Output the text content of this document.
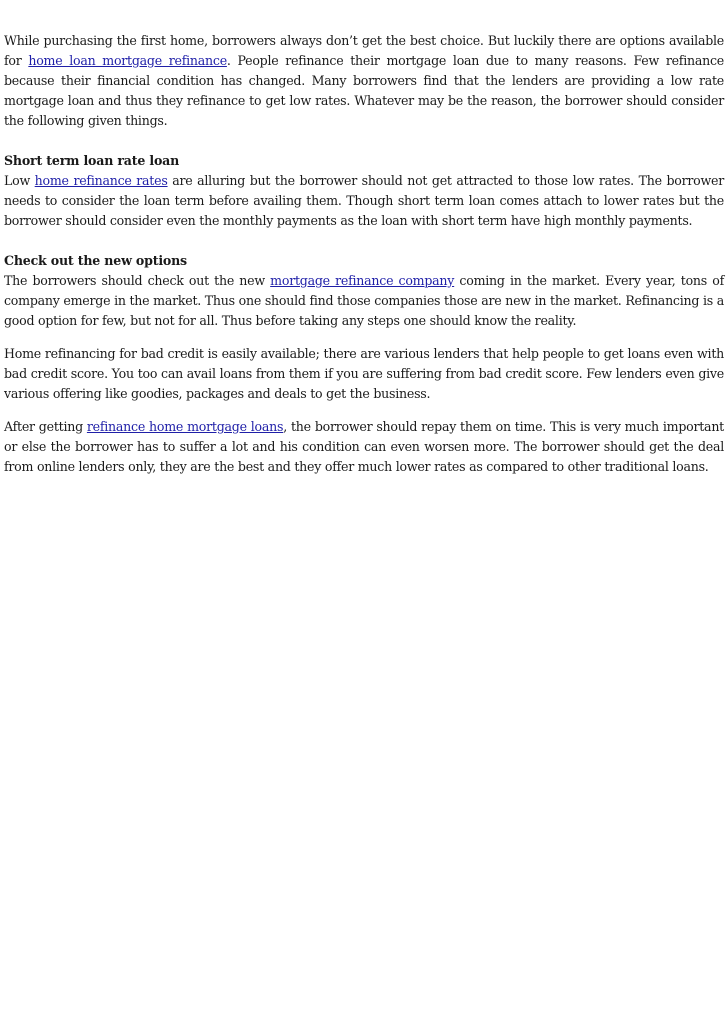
While purchasing the first home, borrowers always don’t get the best choice. But luckily there are options available for home loan mortgage refinance. People refinance their mortgage loan due to many reasons. Few refinance because their financial condition has changed. Many borrowers find that the lenders are providing a low rate mortgage loan and thus they refinance to get low rates. Whatever may be the reason, the borrower should consider the following given things.

Short term loan rate loan
Low home refinance rates are alluring but the borrower should not get attracted to those low rates. The borrower needs to consider the loan term before availing them. Though short term loan comes attach to lower rates but the borrower should consider even the monthly payments as the loan with short term have high monthly payments.

Check out the new options
The borrowers should check out the new mortgage refinance company coming in the market. Every year, tons of company emerge in the market. Thus one should find those companies those are new in the market. Refinancing is a good option for few, but not for all. Thus before taking any steps one should know the reality.

Home refinancing for bad credit is easily available; there are various lenders that help people to get loans even with bad credit score. You too can avail loans from them if you are suffering from bad credit score. Few lenders even give various offering like goodies, packages and deals to get the business.

After getting refinance home mortgage loans, the borrower should repay them on time. This is very much important or else the borrower has to suffer a lot and his condition can even worsen more. The borrower should get the deal from online lenders only, they are the best and they offer much lower rates as compared to other traditional loans.
